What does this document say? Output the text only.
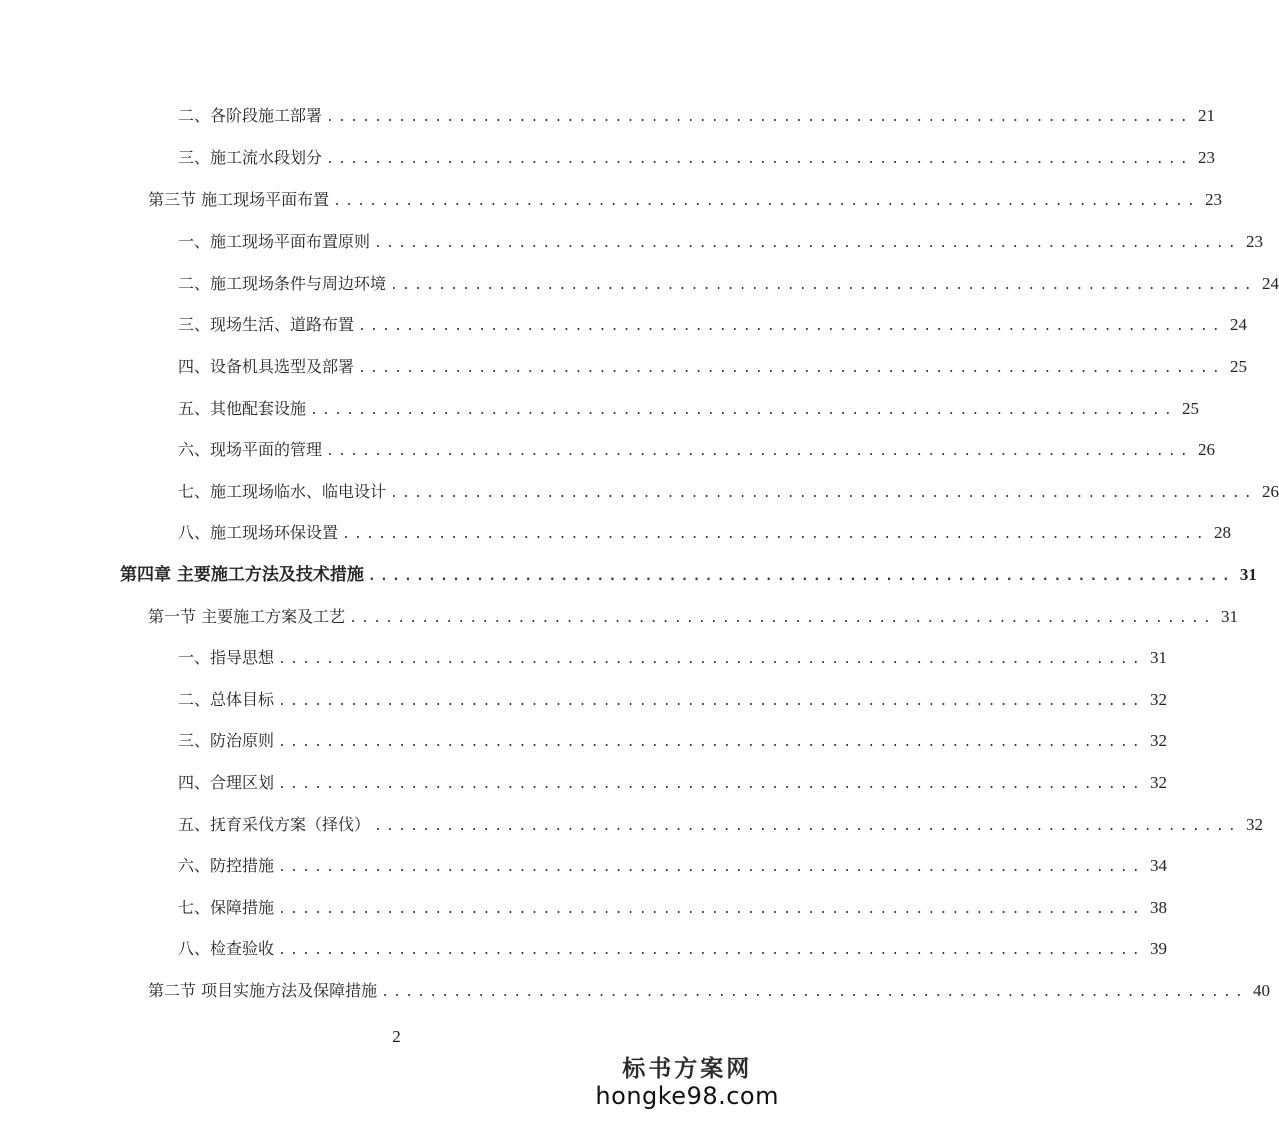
二、各阶段施工部署 ........................................................................ 21
三、施工流水段划分 ........................................................................ 23
第三节 施工现场平面布置 ........................................................................ 23
一、施工现场平面布置原则 ........................................................................ 23
二、施工现场条件与周边环境 ........................................................................ 24
三、现场生活、道路布置 ........................................................................ 24
四、设备机具选型及部署 ........................................................................ 25
五、其他配套设施 ........................................................................ 25
六、现场平面的管理 ........................................................................ 26
七、施工现场临水、临电设计 ........................................................................ 26
八、施工现场环保设置 ........................................................................ 28
第四章 主要施工方法及技术措施 ........................................................................ 31
第一节 主要施工方案及工艺 ........................................................................ 31
一、指导思想 ........................................................................ 31
二、总体目标 ........................................................................ 32
三、防治原则 ........................................................................ 32
四、合理区划 ........................................................................ 32
五、抚育采伐方案（择伐） ........................................................................ 32
六、防控措施 ........................................................................ 34
七、保障措施 ........................................................................ 38
八、检查验收 ........................................................................ 39
第二节 项目实施方法及保障措施 ........................................................................ 40
2
标书方案网
hongke98.com
